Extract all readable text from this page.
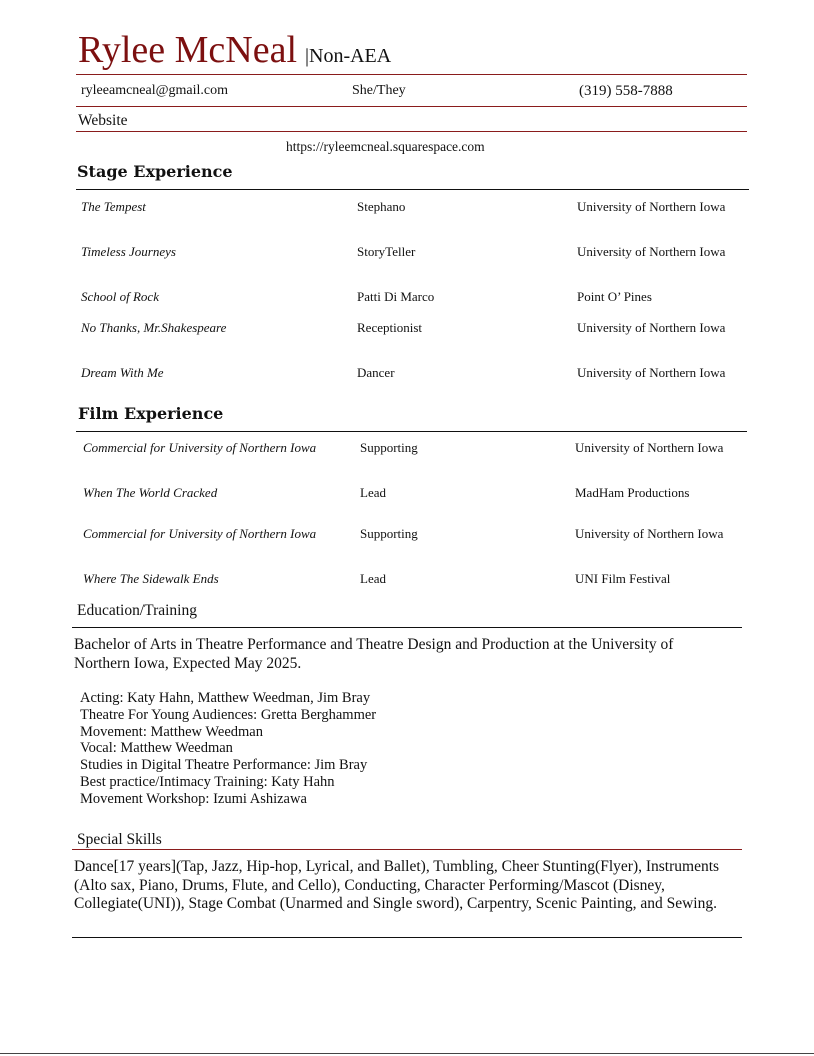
Rylee McNeal |Non-AEA
ryleeamcneal@gmail.com	She/They	(319) 558-7888
Website
https://ryleemcneal.squarespace.com
Stage Experience
The Tempest	Stephano	University of Northern Iowa
Timeless Journeys	StoryTeller	University of Northern Iowa
School of Rock	Patti Di Marco	Point O’ Pines
No Thanks, Mr.Shakespeare	Receptionist	University of Northern Iowa
Dream With Me	Dancer	University of Northern Iowa
Film Experience
Commercial for University of Northern Iowa	Supporting	University of Northern Iowa
When The World Cracked	Lead	MadHam Productions
Commercial for University of Northern Iowa	Supporting	University of Northern Iowa
Where The Sidewalk Ends	Lead	UNI Film Festival
Education/Training
Bachelor of Arts in Theatre Performance and Theatre Design and Production at the University of Northern Iowa, Expected May 2025.
Acting: Katy Hahn, Matthew Weedman, Jim Bray
Theatre For Young Audiences: Gretta Berghammer
Movement: Matthew Weedman
Vocal: Matthew Weedman
Studies in Digital Theatre Performance: Jim Bray
Best practice/Intimacy Training: Katy Hahn
Movement Workshop: Izumi Ashizawa
Special Skills
Dance[17 years](Tap, Jazz, Hip-hop, Lyrical, and Ballet), Tumbling, Cheer Stunting(Flyer), Instruments (Alto sax, Piano, Drums, Flute, and Cello), Conducting, Character Performing/Mascot (Disney, Collegiate(UNI)), Stage Combat (Unarmed and Single sword), Carpentry, Scenic Painting, and Sewing.
